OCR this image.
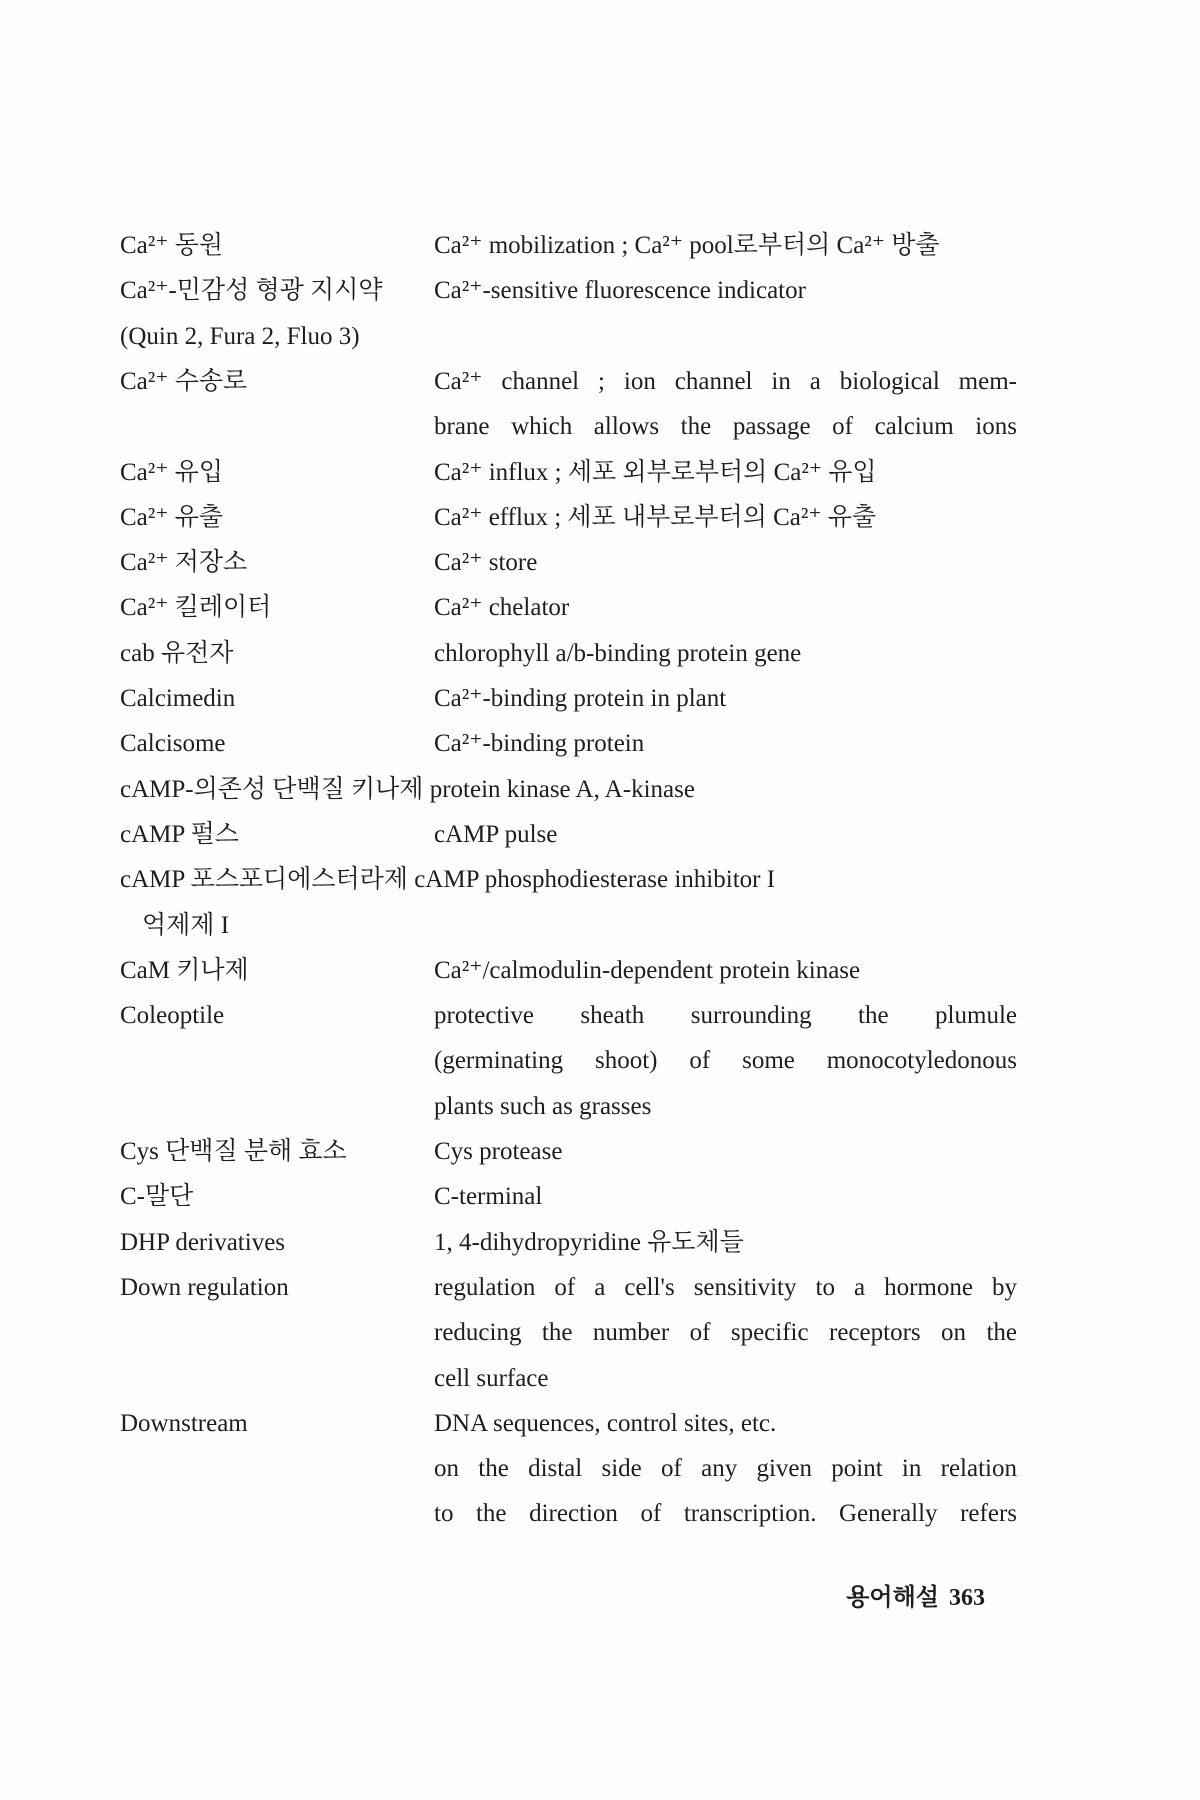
Ca²⁺ 동원	Ca²⁺ mobilization ; Ca²⁺ pool로부터의 Ca²⁺ 방출
Ca²⁺-민감성 형광 지시약 Ca²⁺-sensitive fluorescence indicator
(Quin 2, Fura 2, Fluo 3)
Ca²⁺ 수송로	Ca²⁺ channel ; ion channel in a biological mem-
brane which allows the passage of calcium ions
Ca²⁺ 유입	Ca²⁺ influx ; 세포 외부로부터의 Ca²⁺ 유입
Ca²⁺ 유출	Ca²⁺ efflux ; 세포 내부로부터의 Ca²⁺ 유출
Ca²⁺ 저장소	Ca²⁺ store
Ca²⁺ 킬레이터	Ca²⁺ chelator
cab 유전자	chlorophyll a/b-binding protein gene
Calcimedin	Ca²⁺-binding protein in plant
Calcisome	Ca²⁺-binding protein
cAMP-의존성 단백질 키나제 protein kinase A, A-kinase
cAMP 펄스	cAMP pulse
cAMP 포스포디에스터라제 cAMP phosphodiesterase inhibitor I
억제제 I
CaM 키나제	Ca²⁺/calmodulin-dependent protein kinase
Coleoptile	protective sheath surrounding the plumule
(germinating shoot) of some monocotyledonous
plants such as grasses
Cys 단백질 분해 효소	Cys protease
C-말단	C-terminal
DHP derivatives	1, 4-dihydropyridine 유도체들
Down regulation	regulation of a cell's sensitivity to a hormone by
reducing the number of specific receptors on the
cell surface
Downstream	DNA sequences, control sites, etc.
on the distal side of any given point in relation
to the direction of transcription. Generally refers
용어해설 363
